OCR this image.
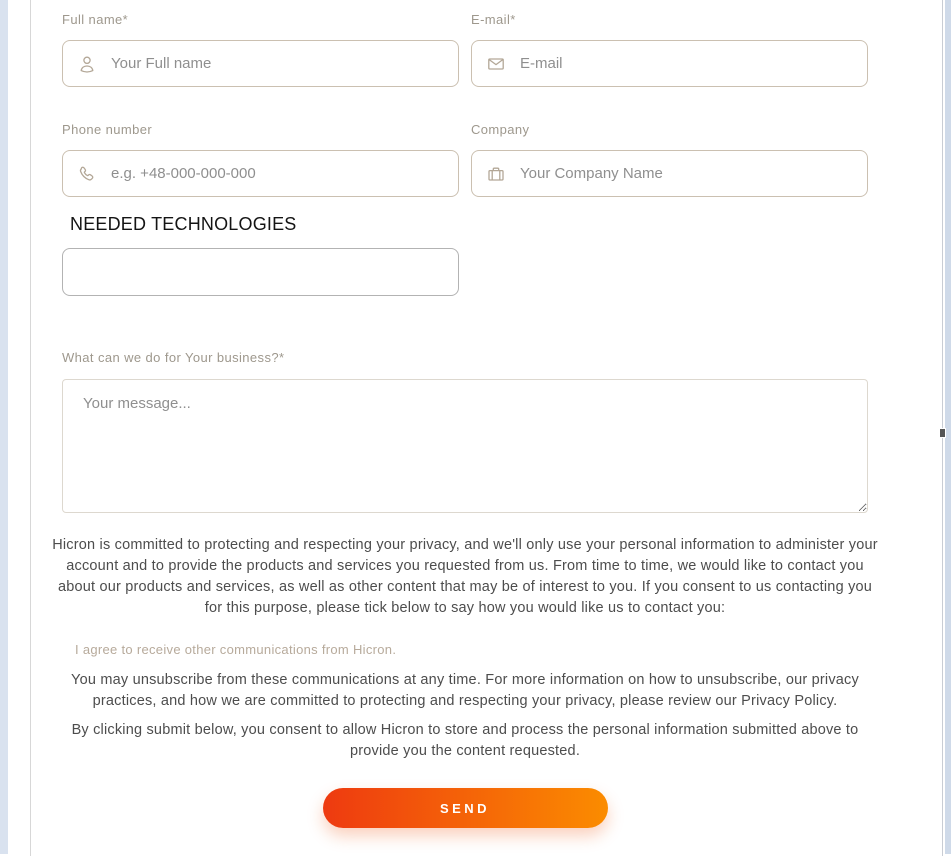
Full name*
Your Full name	E-mail*
E-mail
Phone number
e.g. +48-000-000-000	Company
Your Company Name
NEEDED TECHNOLOGIES
What can we do for Your business?*
Your message...

Hicron is committed to protecting and respecting your privacy, and we'll only use your personal information to administer your account and to provide the products and services you requested from us. From time to time, we would like to contact you about our products and services, as well as other content that may be of interest to you. If you consent to us contacting you for this purpose, please tick below to say how you would like us to contact you:

I agree to receive other communications from Hicron.

You may unsubscribe from these communications at any time. For more information on how to unsubscribe, our privacy practices, and how we are committed to protecting and respecting your privacy, please review our Privacy Policy.

By clicking submit below, you consent to allow Hicron to store and process the personal information submitted above to provide you the content requested.

SEND
